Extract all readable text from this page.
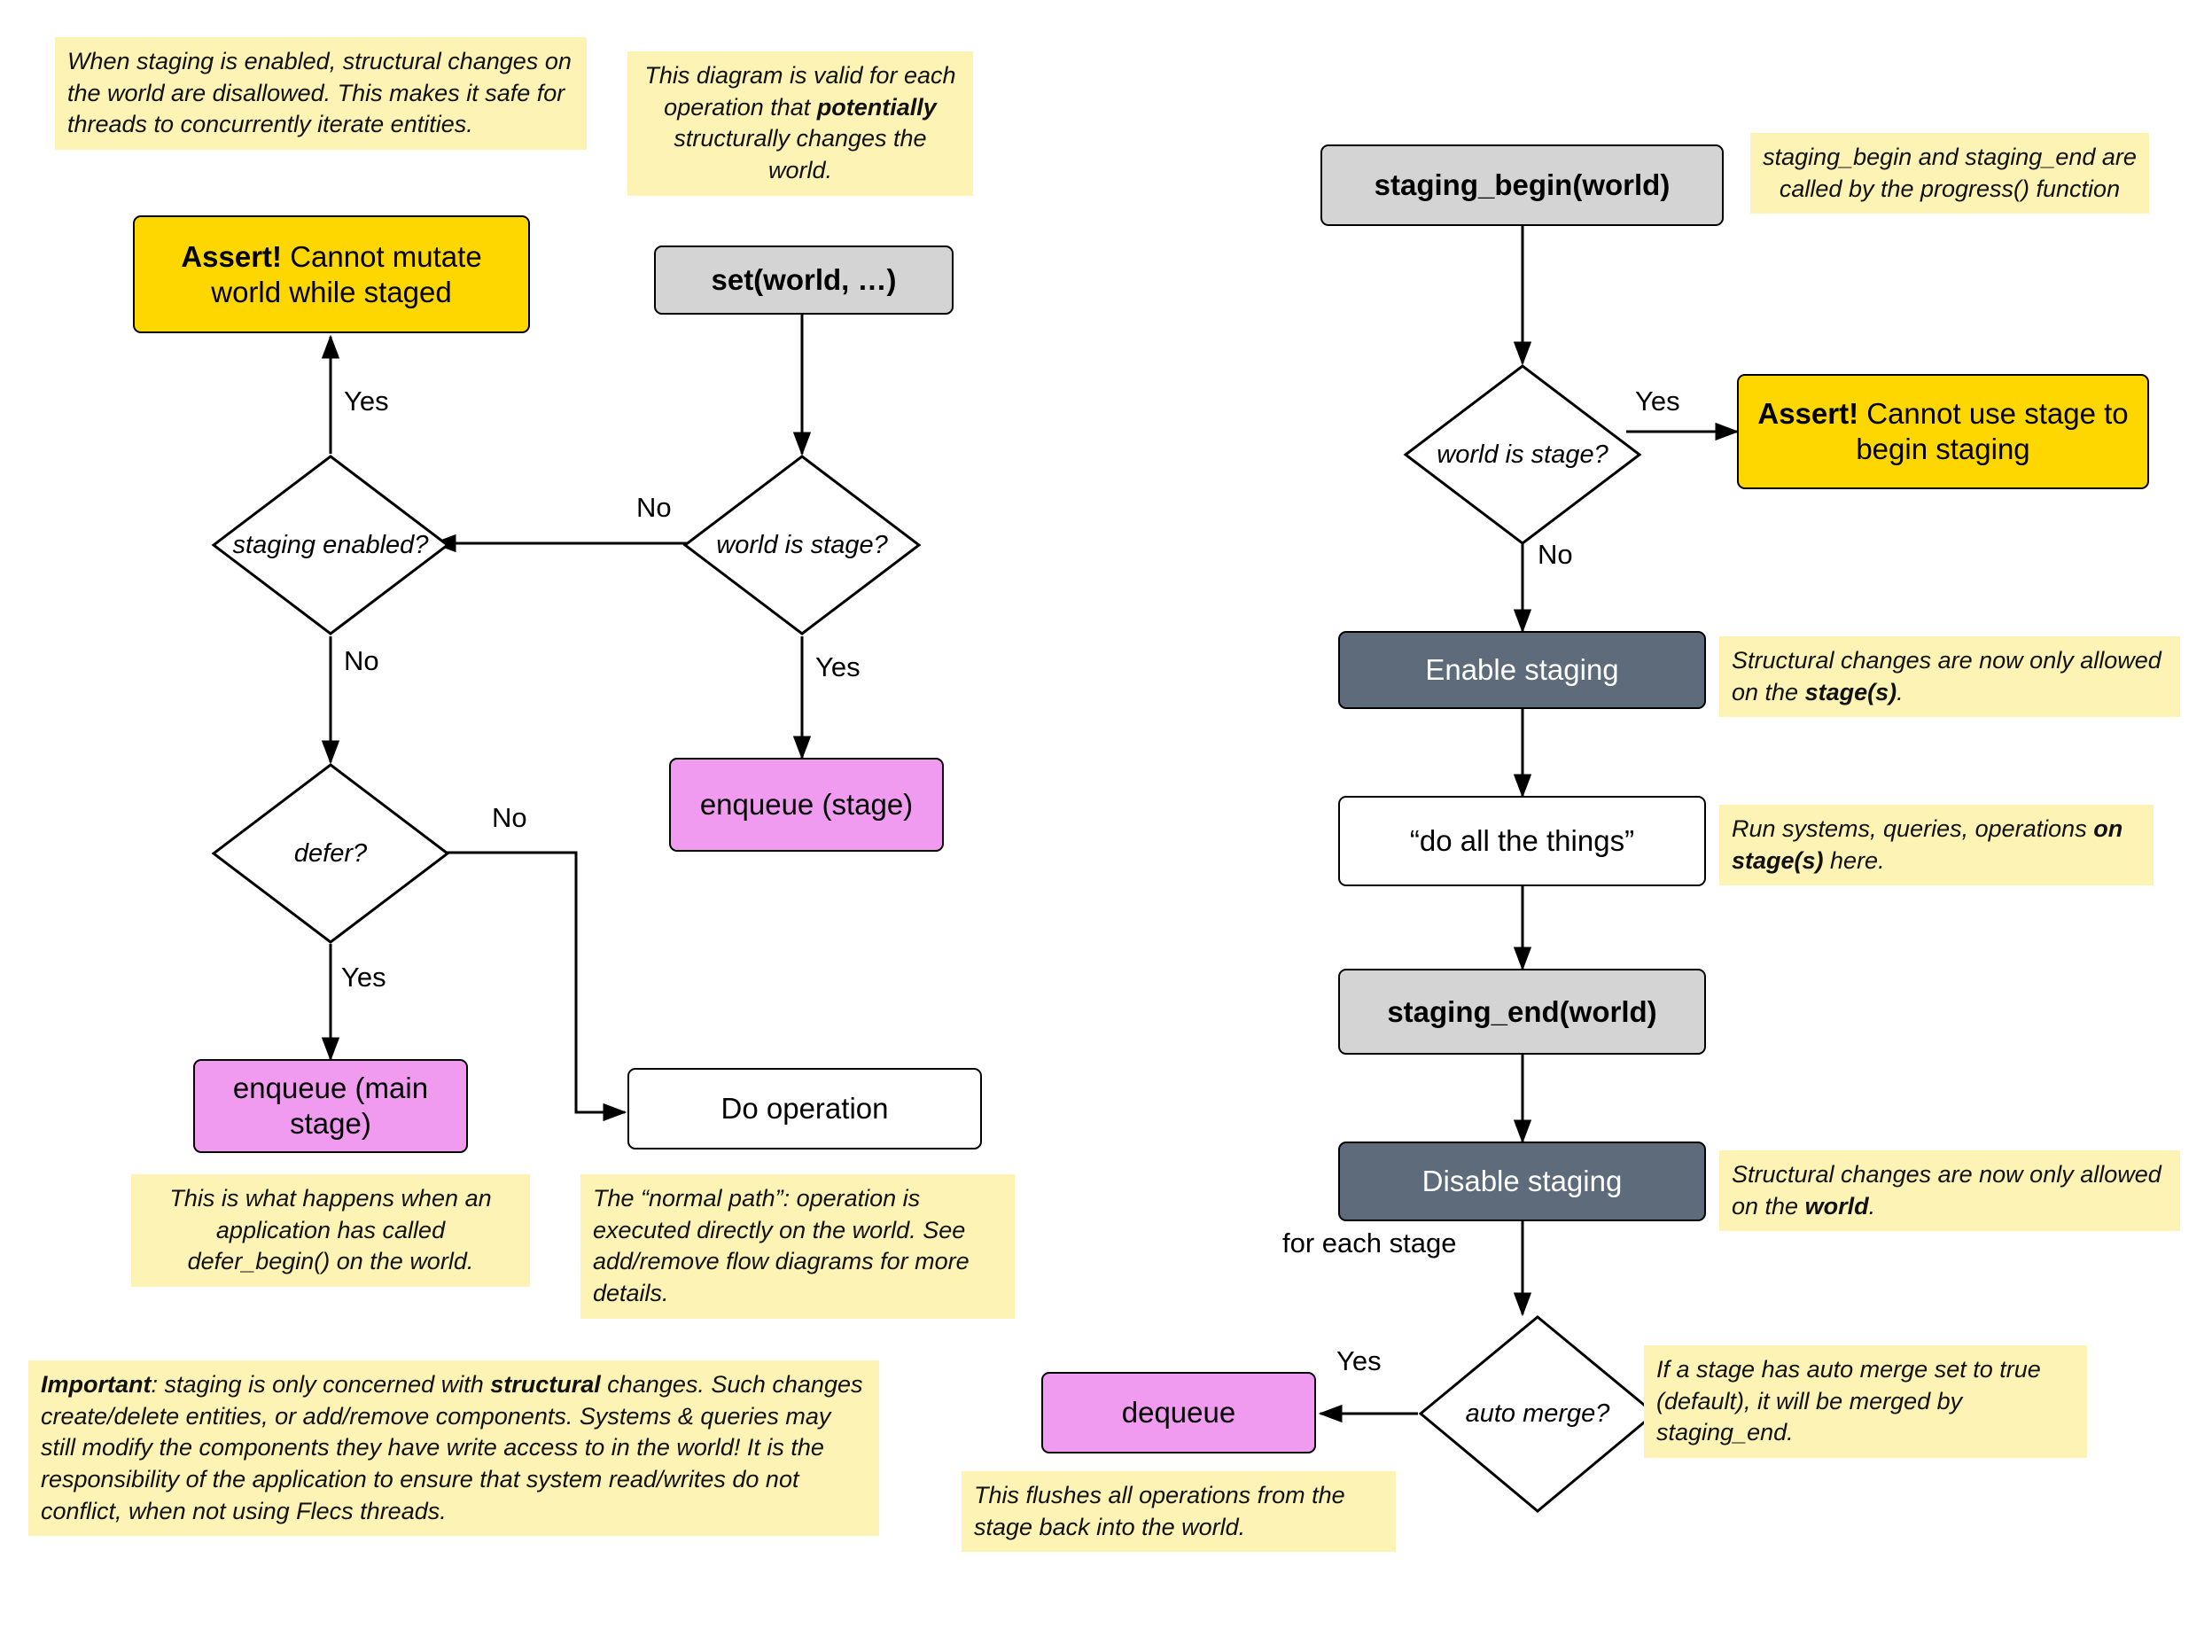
When staging is enabled, structural changes on the world are disallowed. This makes it safe for threads to concurrently iterate entities.
This diagram is valid for each operation that potentially structurally changes the world.
Assert! Cannot mutate world while staged	set(world, …)
staging enabled?	world is stage?
enqueue (stage)
defer?
enqueue (main stage)	Do operation
This is what happens when an application has called defer_begin() on the world.
The “normal path”: operation is executed directly on the world. See add/remove flow diagrams for more details.
Important: staging is only concerned with structural changes. Such changes create/delete entities, or add/remove components. Systems & queries may still modify the components they have write access to in the world! It is the responsibility of the application to ensure that system read/writes do not conflict, when not using Flecs threads.
Yes
No
No
Yes
No
Yes
staging_begin(world)
staging_begin and staging_end are called by the progress() function
world is stage?
Assert! Cannot use stage to begin staging
Enable staging	Structural changes are now only allowed on the stage(s).
“do all the things”	Run systems, queries, operations on stage(s) here.
staging_end(world)
Disable staging	Structural changes are now only allowed on the world.
auto merge?
dequeue
If a stage has auto merge set to true (default), it will be merged by staging_end.
This flushes all operations from the stage back into the world.
Yes
No
for each stage
Yes
